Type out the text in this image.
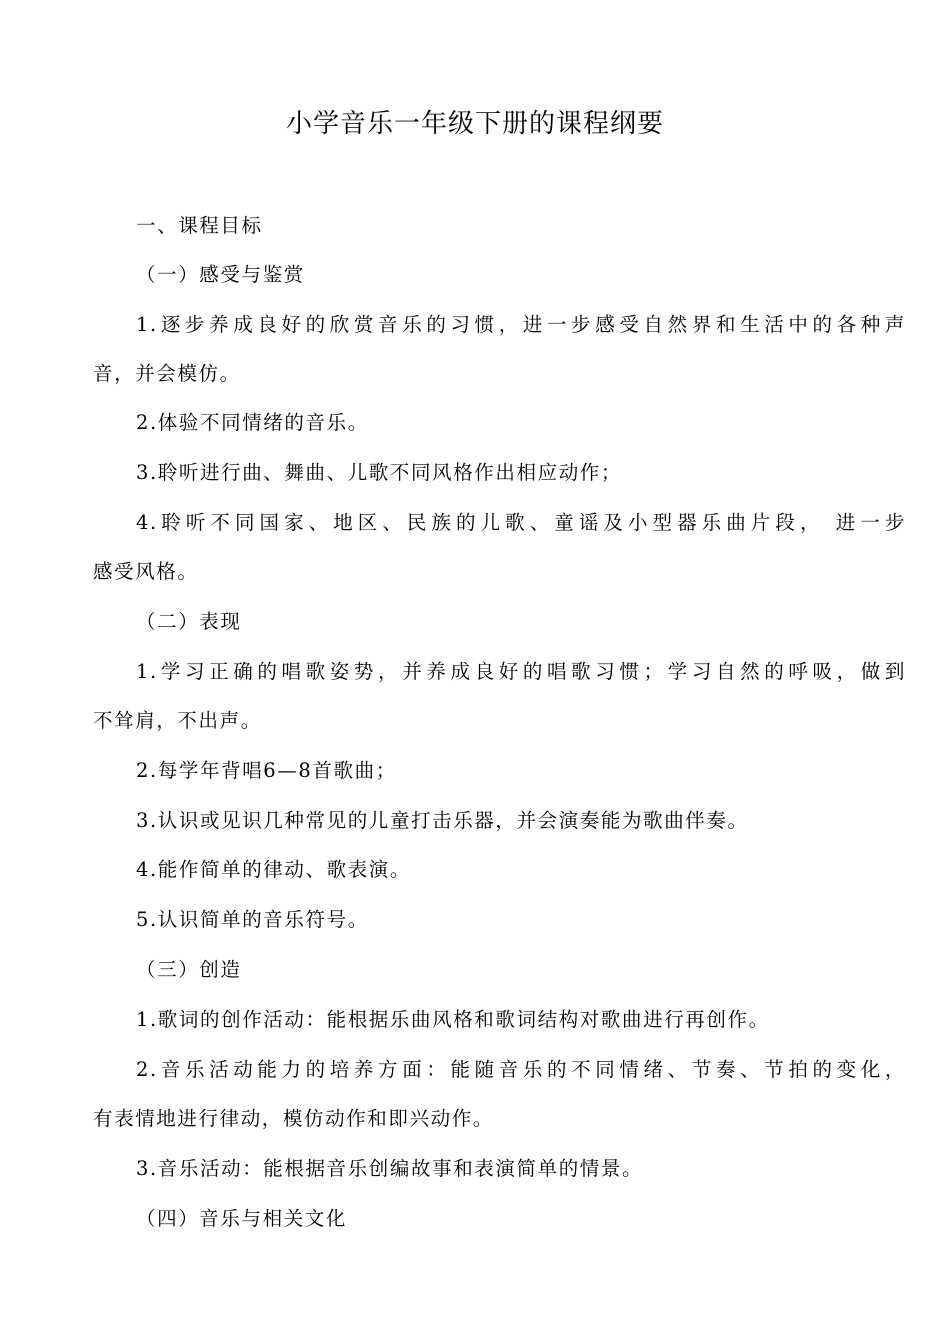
小学音乐一年级下册的课程纲要
一、课程目标
（一）感受与鉴赏
1.逐步养成良好的欣赏音乐的习惯，进一步感受自然界和生活中的各种声
音，并会模仿。
2.体验不同情绪的音乐。
3.聆听进行曲、舞曲、儿歌不同风格作出相应动作；
4.聆听不同国家、地区、民族的儿歌、童谣及小型器乐曲片段， 进一步
感受风格。
（二）表现
1.学习正确的唱歌姿势，并养成良好的唱歌习惯；学习自然的呼吸，做到
不耸肩，不出声。
2.每学年背唱6—8首歌曲；
3.认识或见识几种常见的儿童打击乐器，并会演奏能为歌曲伴奏。
4.能作简单的律动、歌表演。
5.认识简单的音乐符号。
（三）创造
1.歌词的创作活动：能根据乐曲风格和歌词结构对歌曲进行再创作。
2.音乐活动能力的培养方面：能随音乐的不同情绪、节奏、节拍的变化，
有表情地进行律动，模仿动作和即兴动作。
3.音乐活动：能根据音乐创编故事和表演简单的情景。
（四）音乐与相关文化
